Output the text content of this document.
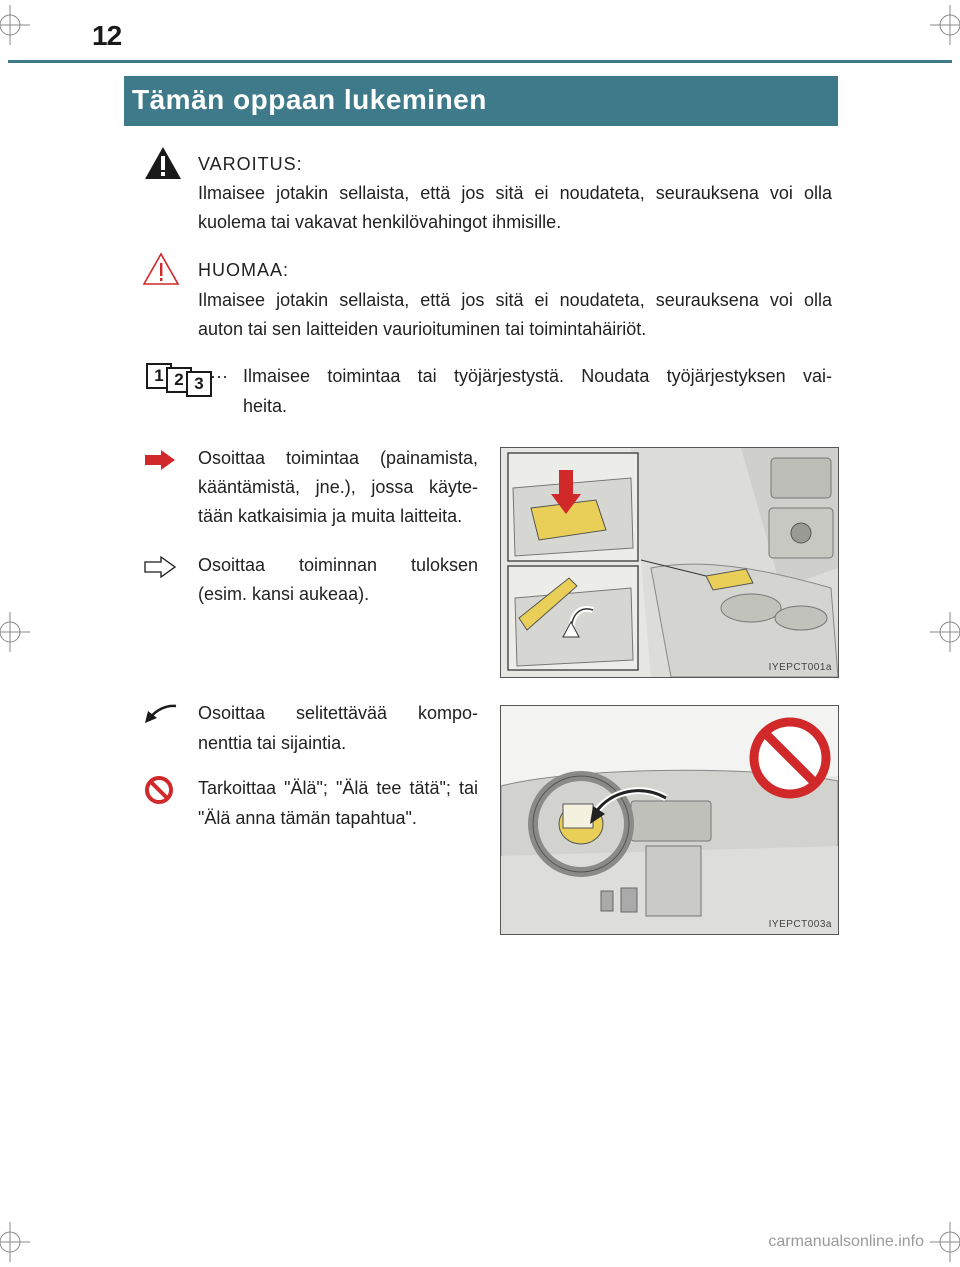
12
Tämän oppaan lukeminen
VAROITUS:
Ilmaisee jotakin sellaista, että jos sitä ei noudateta, seurauksena voi olla
kuolema tai vakavat henkilövahingot ihmisille.
HUOMAA:
Ilmaisee jotakin sellaista, että jos sitä ei noudateta, seurauksena voi olla
auton tai sen laitteiden vaurioituminen tai toimintahäiriöt.
1 2 3 ··· Ilmaisee toimintaa tai työjärjestystä. Noudata työjärjestyksen vai-
heita.
Osoittaa toimintaa (painamista,
kääntämistä, jne.), jossa käyte-
tään katkaisimia ja muita laitteita.
Osoittaa toiminnan tuloksen
(esim. kansi aukeaa).
Osoittaa selitettävää kompo-
nenttia tai sijaintia.
Tarkoittaa "Älä"; "Älä tee tätä"; tai
"Älä anna tämän tapahtua".
IYEPCT001a
IYEPCT003a
carmanualsonline.info
